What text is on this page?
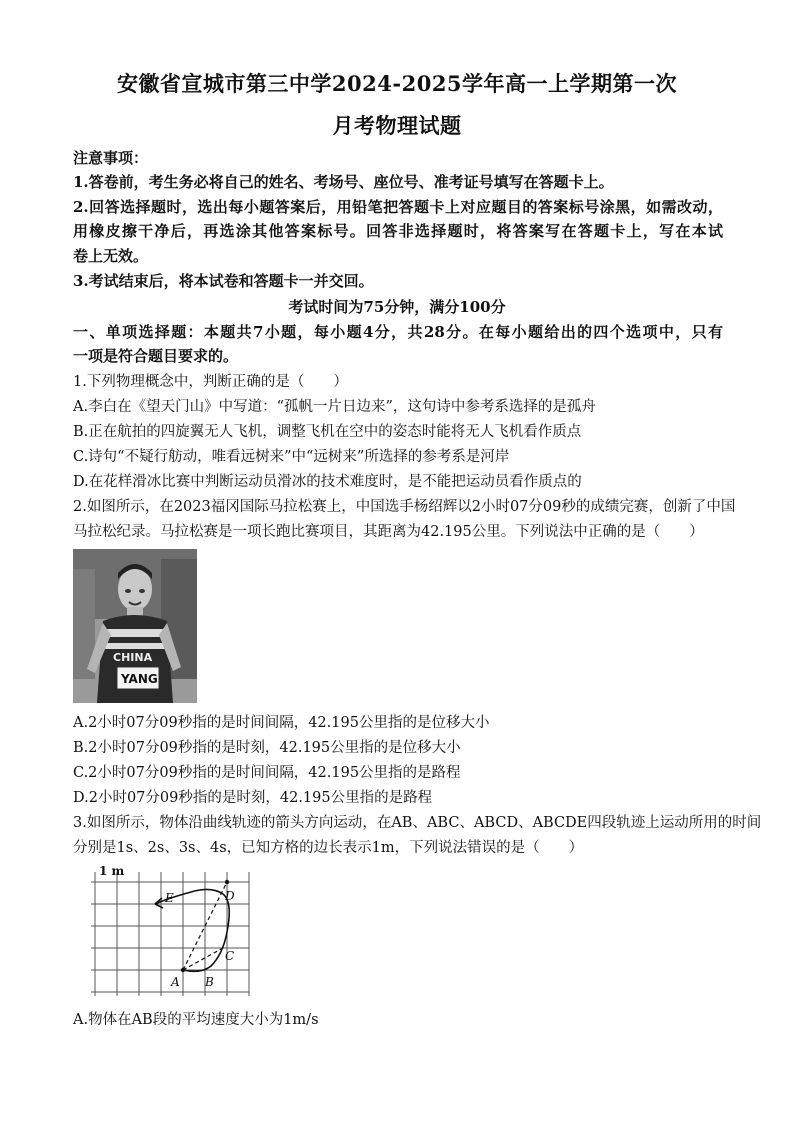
安徽省宣城市第三中学2024-2025学年高一上学期第一次
月考物理试题
注意事项：
1.答卷前，考生务必将自己的姓名、考场号、座位号、准考证号填写在答题卡上。
2.回答选择题时，选出每小题答案后，用铅笔把答题卡上对应题目的答案标号涂黑，如需改动，
用橡皮擦干净后，再选涂其他答案标号。回答非选择题时，将答案写在答题卡上，写在本试
卷上无效。
3.考试结束后，将本试卷和答题卡一并交回。
考试时间为75分钟，满分100分
一、单项选择题：本题共7小题，每小题4分，共28分。在每小题给出的四个选项中，只有
一项是符合题目要求的。
1.下列物理概念中，判断正确的是（　　）
A.李白在《望天门山》中写道：“孤帆一片日边来”，这句诗中参考系选择的是孤舟
B.正在航拍的四旋翼无人飞机，调整飞机在空中的姿态时能将无人飞机看作质点
C.诗句“不疑行舫动，唯看远树来”中“远树来”所选择的参考系是河岸
D.在花样滑冰比赛中判断运动员滑冰的技术难度时，是不能把运动员看作质点的
2.如图所示，在2023福冈国际马拉松赛上，中国选手杨绍辉以2小时07分09秒的成绩完赛，创新了中国
马拉松纪录。马拉松赛是一项长跑比赛项目，其距离为42.195公里。下列说法中正确的是（　　）
CHINA
YANG
A.2小时07分09秒指的是时间间隔，42.195公里指的是位移大小
B.2小时07分09秒指的是时刻，42.195公里指的是位移大小
C.2小时07分09秒指的是时间间隔，42.195公里指的是路程
D.2小时07分09秒指的是时刻，42.195公里指的是路程
3.如图所示，物体沿曲线轨迹的箭头方向运动，在AB、ABC、ABCD、ABCDE四段轨迹上运动所用的时间
分别是1s、2s、3s、4s，已知方格的边长表示1m，下列说法错误的是（　　）
1 m
A B
C
D
E
A.物体在AB段的平均速度大小为1m/s
